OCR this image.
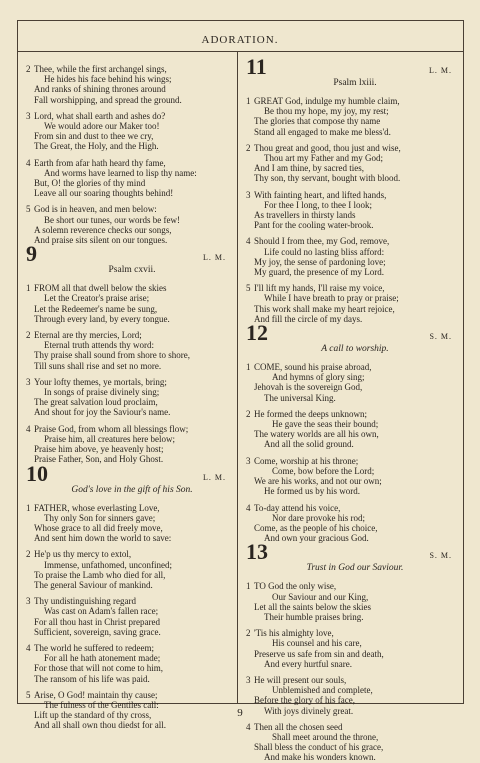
ADORATION.
2 Thee, while the first archangel sings,
He hides his face behind his wings;
And ranks of shining thrones around
Fall worshipping, and spread the ground.
3 Lord, what shall earth and ashes do?
We would adore our Maker too!
From sin and dust to thee we cry,
The Great, the Holy, and the High.
4 Earth from afar hath heard thy fame,
And worms have learned to lisp thy name:
But, O! the glories of thy mind
Leave all our soaring thoughts behind!
5 God is in heaven, and men below:
Be short our tunes, our words be few!
A solemn reverence checks our songs,
And praise sits silent on our tongues.
9	L. M.
Psalm cxvii.
1 FROM all that dwell below the skies
Let the Creator's praise arise;
Let the Redeemer's name be sung,
Through every land, by every tongue.
2 Eternal are thy mercies, Lord;
Eternal truth attends thy word:
Thy praise shall sound from shore to shore,
Till suns shall rise and set no more.
3 Your lofty themes, ye mortals, bring;
In songs of praise divinely sing;
The great salvation loud proclaim,
And shout for joy the Saviour's name.
4 Praise God, from whom all blessings flow;
Praise him, all creatures here below;
Praise him above, ye heavenly host;
Praise Father, Son, and Holy Ghost.
10	L. M.
God's love in the gift of his Son.
1 FATHER, whose everlasting Love,
Thy only Son for sinners gave;
Whose grace to all did freely move,
And sent him down the world to save:
2 He'p us thy mercy to extol,
Immense, unfathomed, unconfined;
To praise the Lamb who died for all,
The general Saviour of mankind.
3 Thy undistinguishing regard
Was cast on Adam's fallen race;
For all thou hast in Christ prepared
Sufficient, sovereign, saving grace.
4 The world he suffered to redeem;
For all he hath atonement made;
For those that will not come to him,
The ransom of his life was paid.
5 Arise, O God! maintain thy cause;
The fulness of the Gentiles call:
Lift up the standard of thy cross,
And all shall own thou diedst for all.
11	L. M.
Psalm lxiii.
1 GREAT God, indulge my humble claim,
Be thou my hope, my joy, my rest;
The glories that compose thy name
Stand all engaged to make me bless'd.
2 Thou great and good, thou just and wise,
Thou art my Father and my God;
And I am thine, by sacred ties,
Thy son, thy servant, bought with blood.
3 With fainting heart, and lifted hands,
For thee I long, to thee I look;
As travellers in thirsty lands
Pant for the cooling water-brook.
4 Should I from thee, my God, remove,
Life could no lasting bliss afford:
My joy, the sense of pardoning love;
My guard, the presence of my Lord.
5 I'll lift my hands, I'll raise my voice,
While I have breath to pray or praise;
This work shall make my heart rejoice,
And fill the circle of my days.
12	S. M.
A call to worship.
1 COME, sound his praise abroad,
And hymns of glory sing;
Jehovah is the sovereign God,
The universal King.
2 He formed the deeps unknown;
He gave the seas their bound;
The watery worlds are all his own,
And all the solid ground.
3 Come, worship at his throne;
Come, bow before the Lord;
We are his works, and not our own;
He formed us by his word.
4 To-day attend his voice,
Nor dare provoke his rod;
Come, as the people of his choice,
And own your gracious God.
13	S. M.
Trust in God our Saviour.
1 TO God the only wise,
Our Saviour and our King,
Let all the saints below the skies
Their humble praises bring.
2 'Tis his almighty love,
His counsel and his care,
Preserve us safe from sin and death,
And every hurtful snare.
3 He will present our souls,
Unblemished and complete,
Before the glory of his face,
With joys divinely great.
4 Then all the chosen seed
Shall meet around the throne,
Shall bless the conduct of his grace,
And make his wonders known.
9
